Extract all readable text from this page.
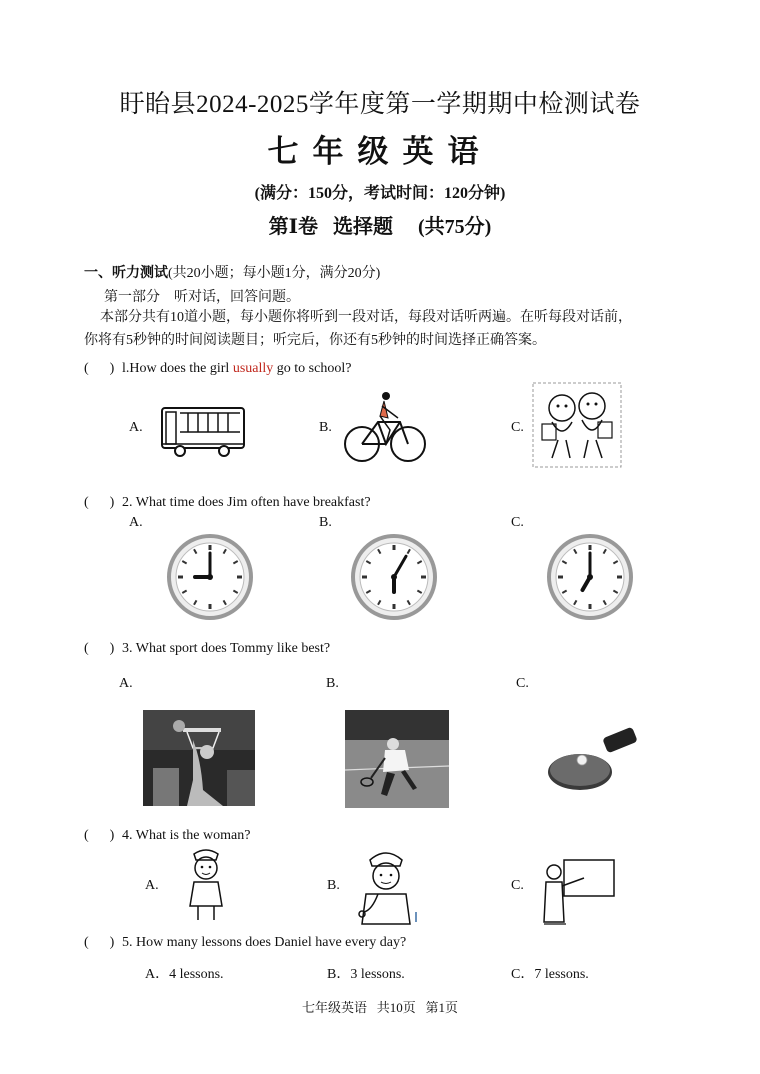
盱眙县2024-2025学年度第一学期期中检测试卷
七年级英语
(满分：150分，考试时间：120分钟)
第Ⅰ卷   选择题     (共75分)
一、听力测试(共20小题；每小题1分，满分20分)
第一部分    听对话，回答问题。
本部分共有10道小题，每小题你将听到一段对话，每段对话听两遍。在听每段对话前，
你将有5秒钟的时间阅读题目；听完后，你还有5秒钟的时间选择正确答案。
(      ) l.How does the girl usually go to school?
A.	B.	C.
(      ) 2. What time does Jim often have breakfast?
A.	B.	C.
(      ) 3. What sport does Tommy like best?
A.	B.	C.
(      ) 4. What is the woman?
A.	B.	C.
(      ) 5. How many lessons does Daniel have every day?
A．4 lessons.	B．3 lessons.	C．7 lessons.
七年级英语   共10页   第1页
